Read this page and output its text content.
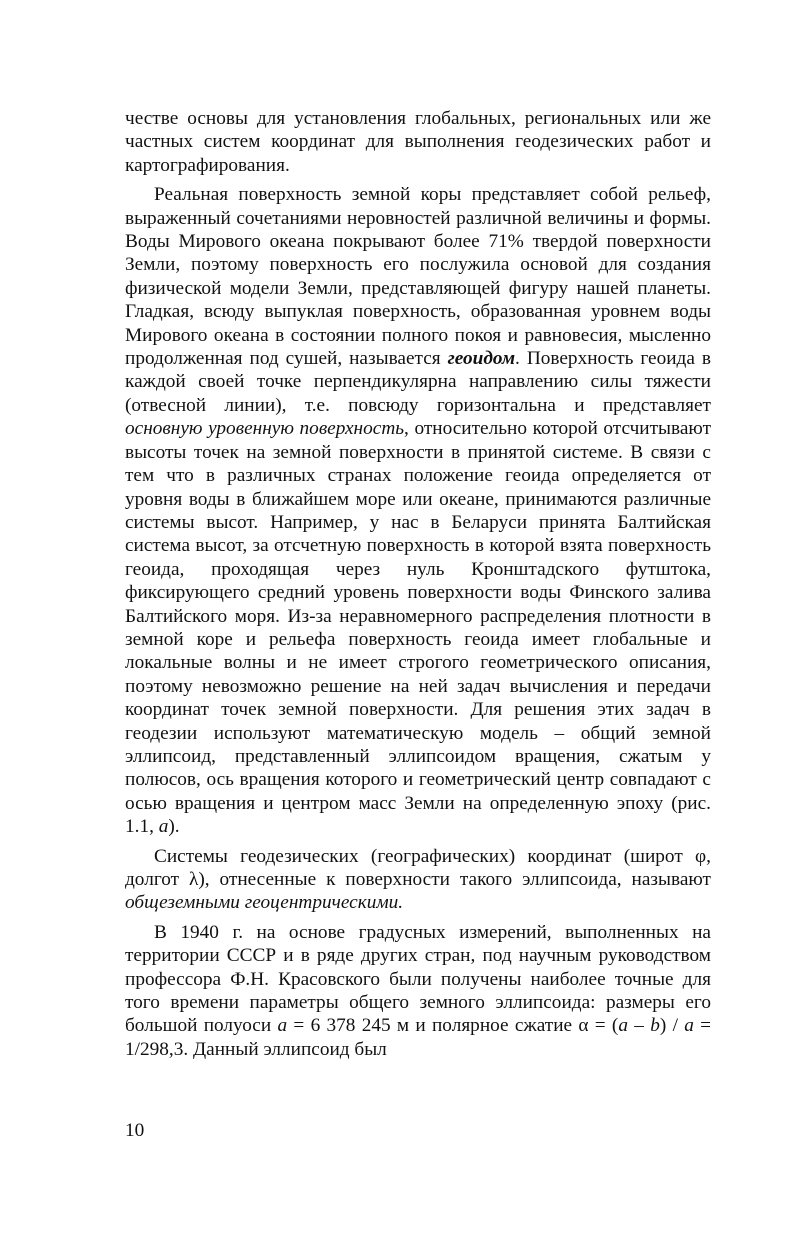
честве основы для установления глобальных, региональных или же частных систем координат для выполнения геодезических работ и картографирования.

Реальная поверхность земной коры представляет собой рельеф, выраженный сочетаниями неровностей различной величины и формы. Воды Мирового океана покрывают более 71% твердой поверхности Земли, поэтому поверхность его послужила основой для создания физической модели Земли, представляющей фигуру нашей планеты. Гладкая, всюду выпуклая поверхность, образованная уровнем воды Мирового океана в состоянии полного покоя и равновесия, мысленно продолженная под сушей, называется геоидом. Поверхность геоида в каждой своей точке перпендикулярна направлению силы тяжести (отвесной линии), т.е. повсюду горизонтальна и представляет основную уровенную поверхность, относительно которой отсчитывают высоты точек на земной поверхности в принятой системе. В связи с тем что в различных странах положение геоида определяется от уровня воды в ближайшем море или океане, принимаются различные системы высот. Например, у нас в Беларуси принята Балтийская система высот, за отсчетную поверхность в которой взята поверхность геоида, проходящая через нуль Кронштадского футштока, фиксирующего средний уровень поверхности воды Финского залива Балтийского моря. Из-за неравномерного распределения плотности в земной коре и рельефа поверхность геоида имеет глобальные и локальные волны и не имеет строгого геометрического описания, поэтому невозможно решение на ней задач вычисления и передачи координат точек земной поверхности. Для решения этих задач в геодезии используют математическую модель – общий земной эллипсоид, представленный эллипсоидом вращения, сжатым у полюсов, ось вращения которого и геометрический центр совпадают с осью вращения и центром масс Земли на определенную эпоху (рис. 1.1, а).

Системы геодезических (географических) координат (широт φ, долгот λ), отнесенные к поверхности такого эллипсоида, называют общеземными геоцентрическими.

В 1940 г. на основе градусных измерений, выполненных на территории СССР и в ряде других стран, под научным руководством профессора Ф.Н. Красовского были получены наиболее точные для того времени параметры общего земного эллипсоида: размеры его большой полуоси a = 6 378 245 м и полярное сжатие α = (a – b) / a = 1/298,3. Данный эллипсоид был

10
